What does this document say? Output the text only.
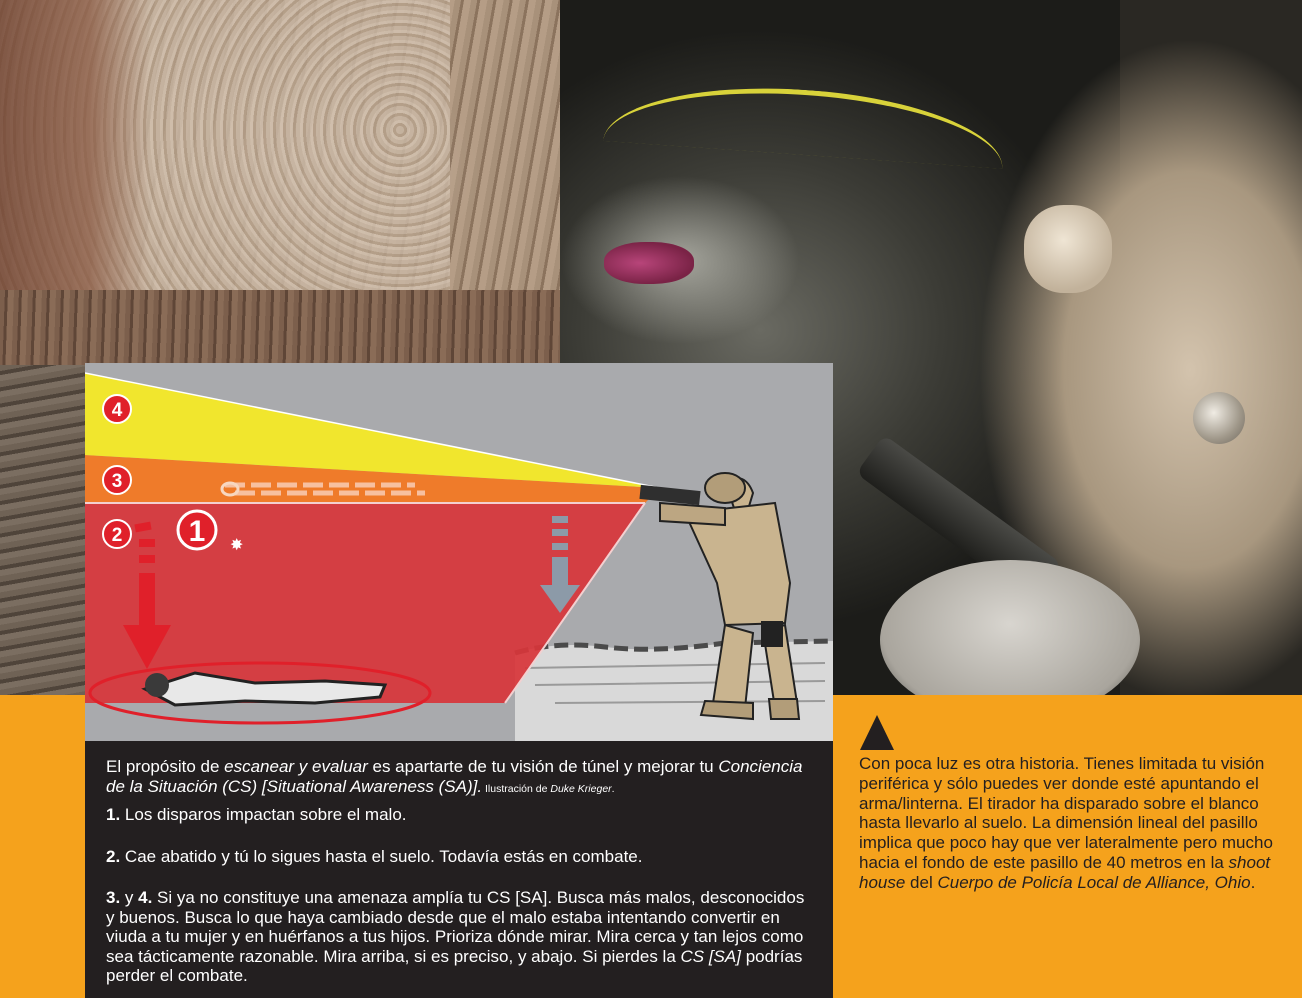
4
3
2 1 ✸

El propósito de escanear y evaluar es apartarte de tu visión de túnel y mejorar tu Conciencia de la Situación (CS) [Situational Awareness (SA)]. Ilustración de Duke Krieger.

1. Los disparos impactan sobre el malo.

2. Cae abatido y tú lo sigues hasta el suelo. Todavía estás en combate.

3. y 4. Si ya no constituye una amenaza amplía tu CS [SA]. Busca más malos, desconocidos y buenos. Busca lo que haya cambiado desde que el malo estaba intentando convertir en viuda a tu mujer y en huérfanos a tus hijos. Prioriza dónde mirar. Mira cerca y tan lejos como sea tácticamente razonable. Mira arriba, si es preciso, y abajo. Si pierdes la CS [SA] podrías perder el combate.

Con poca luz es otra historia. Tienes limitada tu visión periférica y sólo puedes ver donde esté apuntando el arma/linterna. El tirador ha disparado sobre el blanco hasta llevarlo al suelo. La dimensión lineal del pasillo implica que poco hay que ver lateralmente pero mucho hacia el fondo de este pasillo de 40 metros en la shoot house del Cuerpo de Policía Local de Alliance, Ohio.
